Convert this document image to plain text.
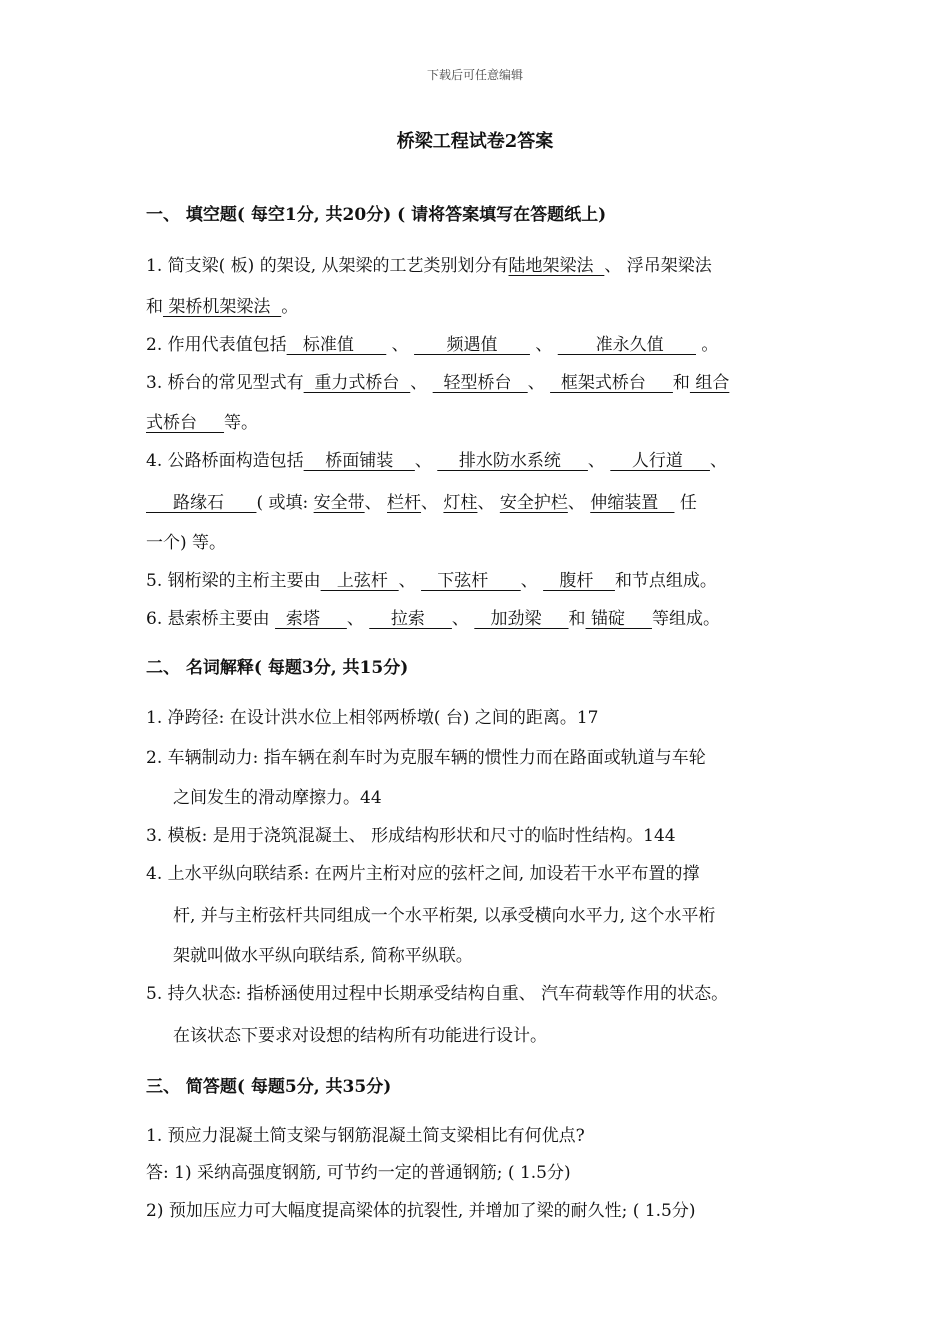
下载后可任意编辑
桥梁工程试卷2答案
一、 填空题( 每空1分, 共20分) ( 请将答案填写在答题纸上)
1. 简支梁( 板) 的架设, 从架梁的工艺类别划分有陆地架梁法  、 浮吊架梁法
和 架桥机架梁法  。
2. 作用代表值包括   标准值       、       频遇值       、        准永久值       。
3. 桥台的常见型式有  重力式桥台  、   轻型桥台   、   框架式桥台     和 组合
式桥台     等。
4. 公路桥面构造包括    桥面铺装    、     排水防水系统     、     人行道     、
路缘石      ( 或填: 安全带、 栏杆、 灯柱、 安全护栏、 伸缩装置    任
一个) 等。
5. 钢桁梁的主桁主要由   上弦杆  、    下弦杆      、    腹杆    和节点组成。
6. 悬索桥主要由   索塔     、     拉索     、    加劲梁     和 锚碇     等组成。
二、 名词解释( 每题3分, 共15分)
1. 净跨径: 在设计洪水位上相邻两桥墩( 台) 之间的距离。17
2. 车辆制动力: 指车辆在刹车时为克服车辆的惯性力而在路面或轨道与车轮
之间发生的滑动摩擦力。44
3. 模板: 是用于浇筑混凝土、 形成结构形状和尺寸的临时性结构。144
4. 上水平纵向联结系: 在两片主桁对应的弦杆之间, 加设若干水平布置的撑
杆, 并与主桁弦杆共同组成一个水平桁架, 以承受横向水平力, 这个水平桁
架就叫做水平纵向联结系, 简称平纵联。
5. 持久状态: 指桥涵使用过程中长期承受结构自重、 汽车荷载等作用的状态。
在该状态下要求对设想的结构所有功能进行设计。
三、 简答题( 每题5分, 共35分)
1. 预应力混凝土简支梁与钢筋混凝土简支梁相比有何优点?
答: 1) 采纳高强度钢筋, 可节约一定的普通钢筋; ( 1.5分)
2) 预加压应力可大幅度提高梁体的抗裂性, 并增加了梁的耐久性; ( 1.5分)
